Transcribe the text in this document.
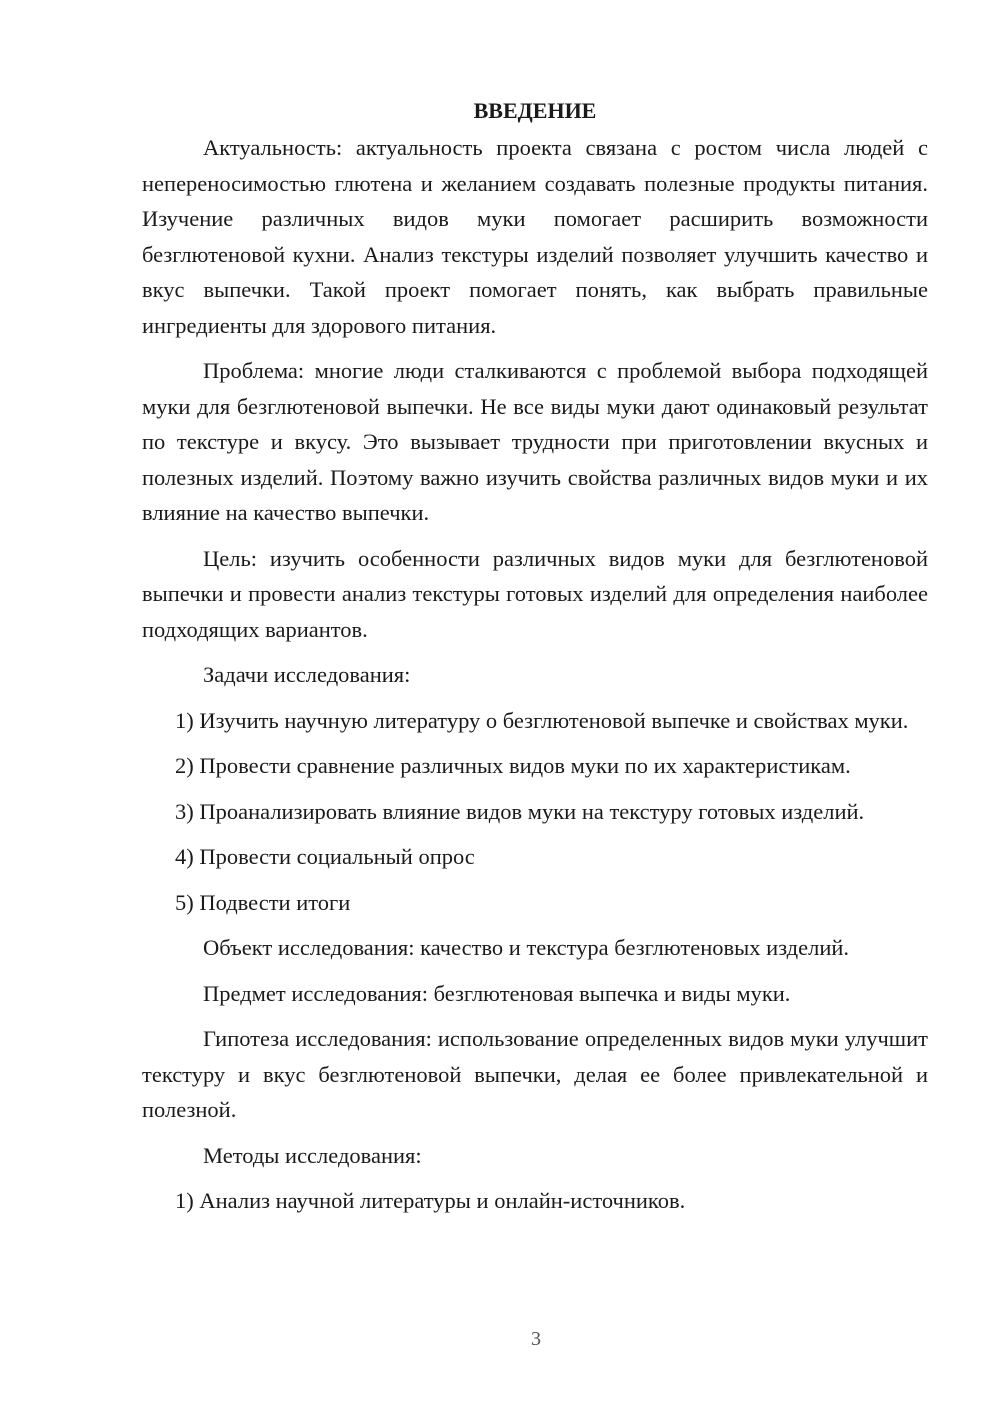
ВВЕДЕНИЕ

Актуальность: актуальность проекта связана с ростом числа людей с непереносимостью глютена и желанием создавать полезные продукты питания. Изучение различных видов муки помогает расширить возможности безглютеновой кухни. Анализ текстуры изделий позволяет улучшить качество и вкус выпечки. Такой проект помогает понять, как выбрать правильные ингредиенты для здорового питания.

Проблема: многие люди сталкиваются с проблемой выбора подходящей муки для безглютеновой выпечки. Не все виды муки дают одинаковый результат по текстуре и вкусу. Это вызывает трудности при приготовлении вкусных и полезных изделий. Поэтому важно изучить свойства различных видов муки и их влияние на качество выпечки.

Цель: изучить особенности различных видов муки для безглютеновой выпечки и провести анализ текстуры готовых изделий для определения наиболее подходящих вариантов.

Задачи исследования:

1) Изучить научную литературу о безглютеновой выпечке и свойствах муки.

2) Провести сравнение различных видов муки по их характеристикам.

3) Проанализировать влияние видов муки на текстуру готовых изделий.

4) Провести социальный опрос

5) Подвести итоги

Объект исследования: качество и текстура безглютеновых изделий.

Предмет исследования: безглютеновая выпечка и виды муки.

Гипотеза исследования: использование определенных видов муки улучшит текстуру и вкус безглютеновой выпечки, делая ее более привлекательной и полезной.

Методы исследования:

1) Анализ научной литературы и онлайн-источников.

3
